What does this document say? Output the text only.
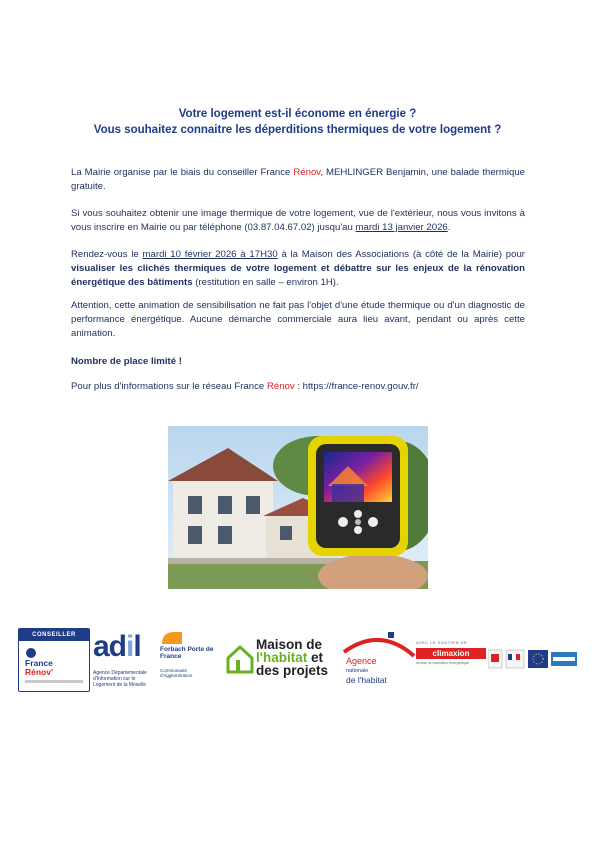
Votre logement est-il économe en énergie ?
Vous souhaitez connaitre les déperditions thermiques de votre logement ?
La Mairie organise par le biais du conseiller France Rénov, MEHLINGER Benjamin, une balade thermique gratuite.
Si vous souhaitez obtenir une image thermique de votre logement, vue de l'extérieur, nous vous invitons à vous inscrire en Mairie ou par téléphone (03.87.04.67.02) jusqu'au mardi 13 janvier 2026.
Rendez-vous le mardi 10 février 2026 à 17H30 à la Maison des Associations (à côté de la Mairie) pour visualiser les clichés thermiques de votre logement et débattre sur les enjeux de la rénovation énergétique des bâtiments (restitution en salle – environ 1H).
Attention, cette animation de sensibilisation ne fait pas l'objet d'une étude thermique ou d'un diagnostic de performance énergétique. Aucune démarche commerciale aura lieu avant, pendant ou après cette animation.
Nombre de place limité !
Pour plus d'informations sur le réseau France Rénov : https://france-renov.gouv.fr/
CONSEILLER
France
Rénov'
adil
Agence Départementale d'Information sur le Logement de la Moselle
Forbach Porte de France
Communauté d'Agglomération
Maison de
l'habitat et
des projets
Agence
nationale
de l'habitat
AVEC LE SOUTIEN DE
climaxion
réussir la transition énergétique
